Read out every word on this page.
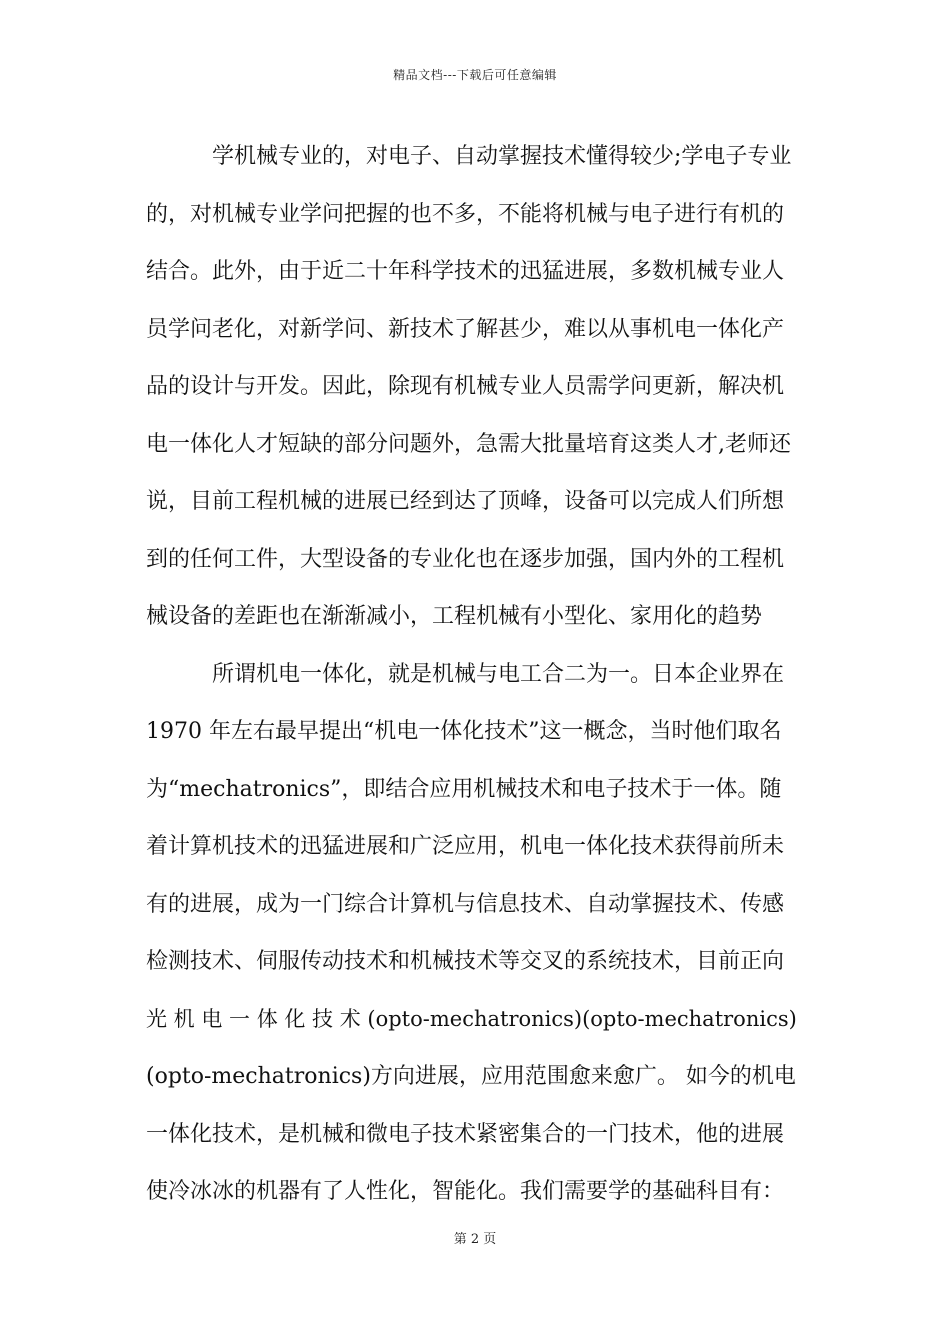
精品文档---下载后可任意编辑
学机械专业的，对电子、自动掌握技术懂得较少;学电子专业
的，对机械专业学问把握的也不多，不能将机械与电子进行有机的
结合。此外，由于近二十年科学技术的迅猛进展，多数机械专业人
员学问老化，对新学问、新技术了解甚少，难以从事机电一体化产
品的设计与开发。因此，除现有机械专业人员需学问更新，解决机
电一体化人才短缺的部分问题外，急需大批量培育这类人才,老师还
说，目前工程机械的进展已经到达了顶峰，设备可以完成人们所想
到的任何工件，大型设备的专业化也在逐步加强，国内外的工程机
械设备的差距也在渐渐减小，工程机械有小型化、家用化的趋势
所谓机电一体化，就是机械与电工合二为一。日本企业界在
1970 年左右最早提出“机电一体化技术”这一概念，当时他们取名
为“mechatronics”，即结合应用机械技术和电子技术于一体。随
着计算机技术的迅猛进展和广泛应用，机电一体化技术获得前所未
有的进展，成为一门综合计算机与信息技术、自动掌握技术、传感
检测技术、伺服传动技术和机械技术等交叉的系统技术，目前正向
光 机 电 一 体 化 技 术 (opto-mechatronics)(opto-mechatronics)
(opto-mechatronics)方向进展，应用范围愈来愈广。 如今的机电
一体化技术，是机械和微电子技术紧密集合的一门技术，他的进展
使冷冰冰的机器有了人性化，智能化。我们需要学的基础科目有：
第 2 页
